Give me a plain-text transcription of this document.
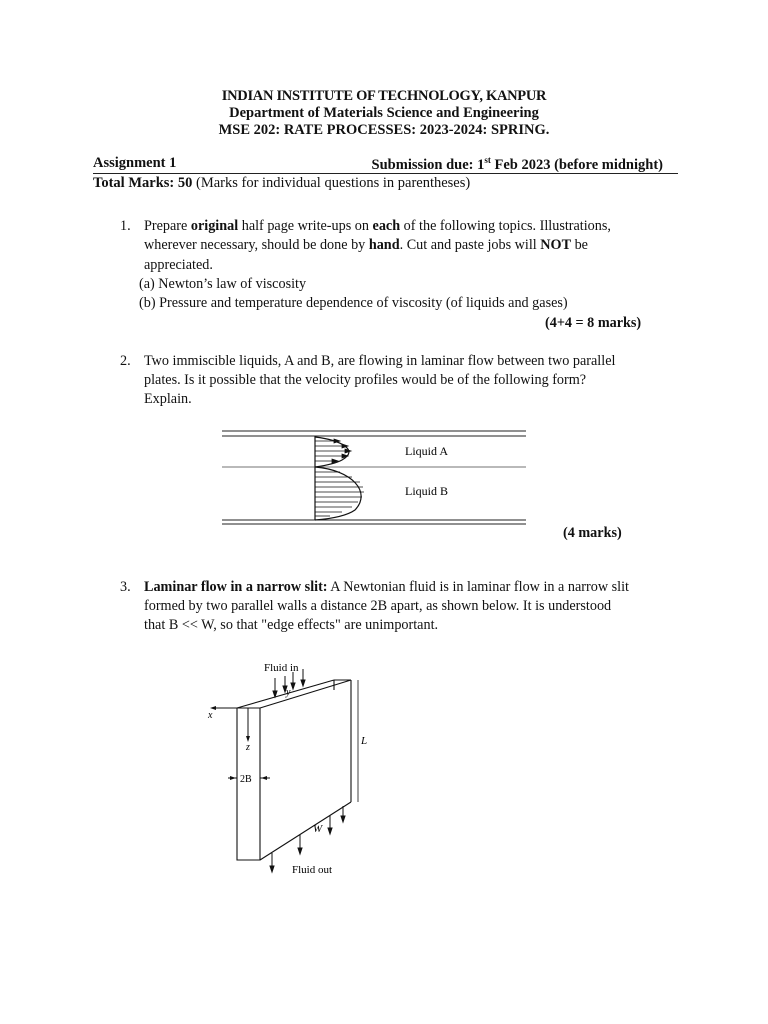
INDIAN INSTITUTE OF TECHNOLOGY, KANPUR
Department of Materials Science and Engineering
MSE 202: RATE PROCESSES: 2023-2024: SPRING.
Assignment 1	Submission due: 1st Feb 2023 (before midnight)
Total Marks: 50 (Marks for individual questions in parentheses)
1. Prepare original half page write-ups on each of the following topics. Illustrations,
wherever necessary, should be done by hand. Cut and paste jobs will NOT be
appreciated.
(a) Newton’s law of viscosity
(b) Pressure and temperature dependence of viscosity (of liquids and gases)
(4+4 = 8 marks)
2. Two immiscible liquids, A and B, are flowing in laminar flow between two parallel
plates. Is it possible that the velocity profiles would be of the following form?
Explain.
(4 marks)
Liquid A
Liquid B
3. Laminar flow in a narrow slit: A Newtonian fluid is in laminar flow in a narrow slit
formed by two parallel walls a distance 2B apart, as shown below. It is understood
that B << W, so that "edge effects" are unimportant.
Fluid in
Fluid out
x
y
z
2B
L
W
